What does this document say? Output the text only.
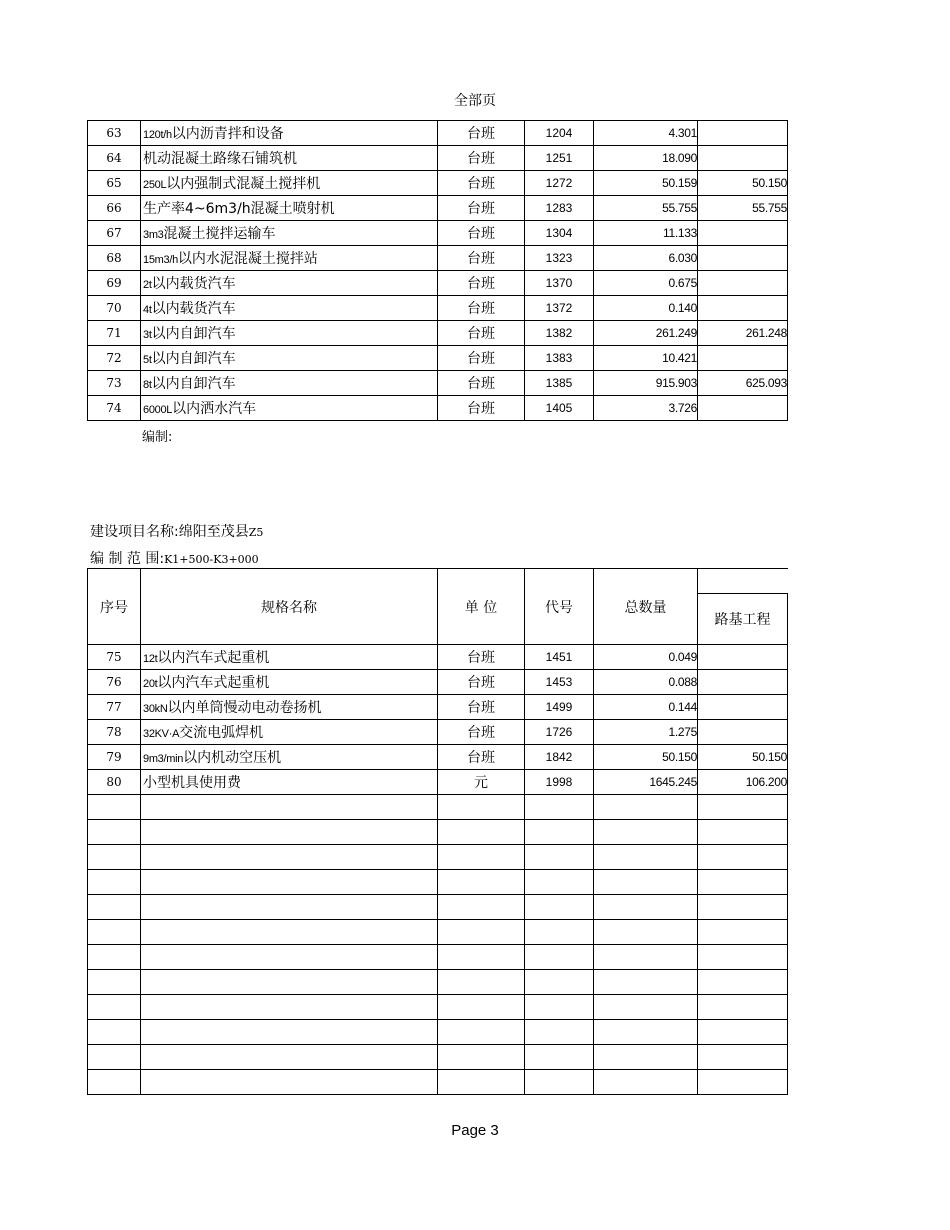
全部页
63	120t/h以内沥青拌和设备	台班	1204	4.301	
64	机动混凝土路缘石铺筑机	台班	1251	18.090	
65	250L以内强制式混凝土搅拌机	台班	1272	50.159	50.150
66	生产率4~6m3/h混凝土喷射机	台班	1283	55.755	55.755
67	3m3混凝土搅拌运输车	台班	1304	11.133	
68	15m3/h以内水泥混凝土搅拌站	台班	1323	6.030	
69	2t以内载货汽车	台班	1370	0.675	
70	4t以内载货汽车	台班	1372	0.140	
71	3t以内自卸汽车	台班	1382	261.249	261.248
72	5t以内自卸汽车	台班	1383	10.421	
73	8t以内自卸汽车	台班	1385	915.903	625.093
74	6000L以内洒水汽车	台班	1405	3.726	
编制:
建设项目名称:绵阳至茂县Z5
编 制 范 围:K1+500-K3+000
序号	规格名称	单 位	代号	总数量	
					路基工程
75	12t以内汽车式起重机	台班	1451	0.049	
76	20t以内汽车式起重机	台班	1453	0.088	
77	30kN以内单筒慢动电动卷扬机	台班	1499	0.144	
78	32KV·A交流电弧焊机	台班	1726	1.275	
79	9m3/min以内机动空压机	台班	1842	50.150	50.150
80	小型机具使用费	元	1998	1645.245	106.200

Page 3
